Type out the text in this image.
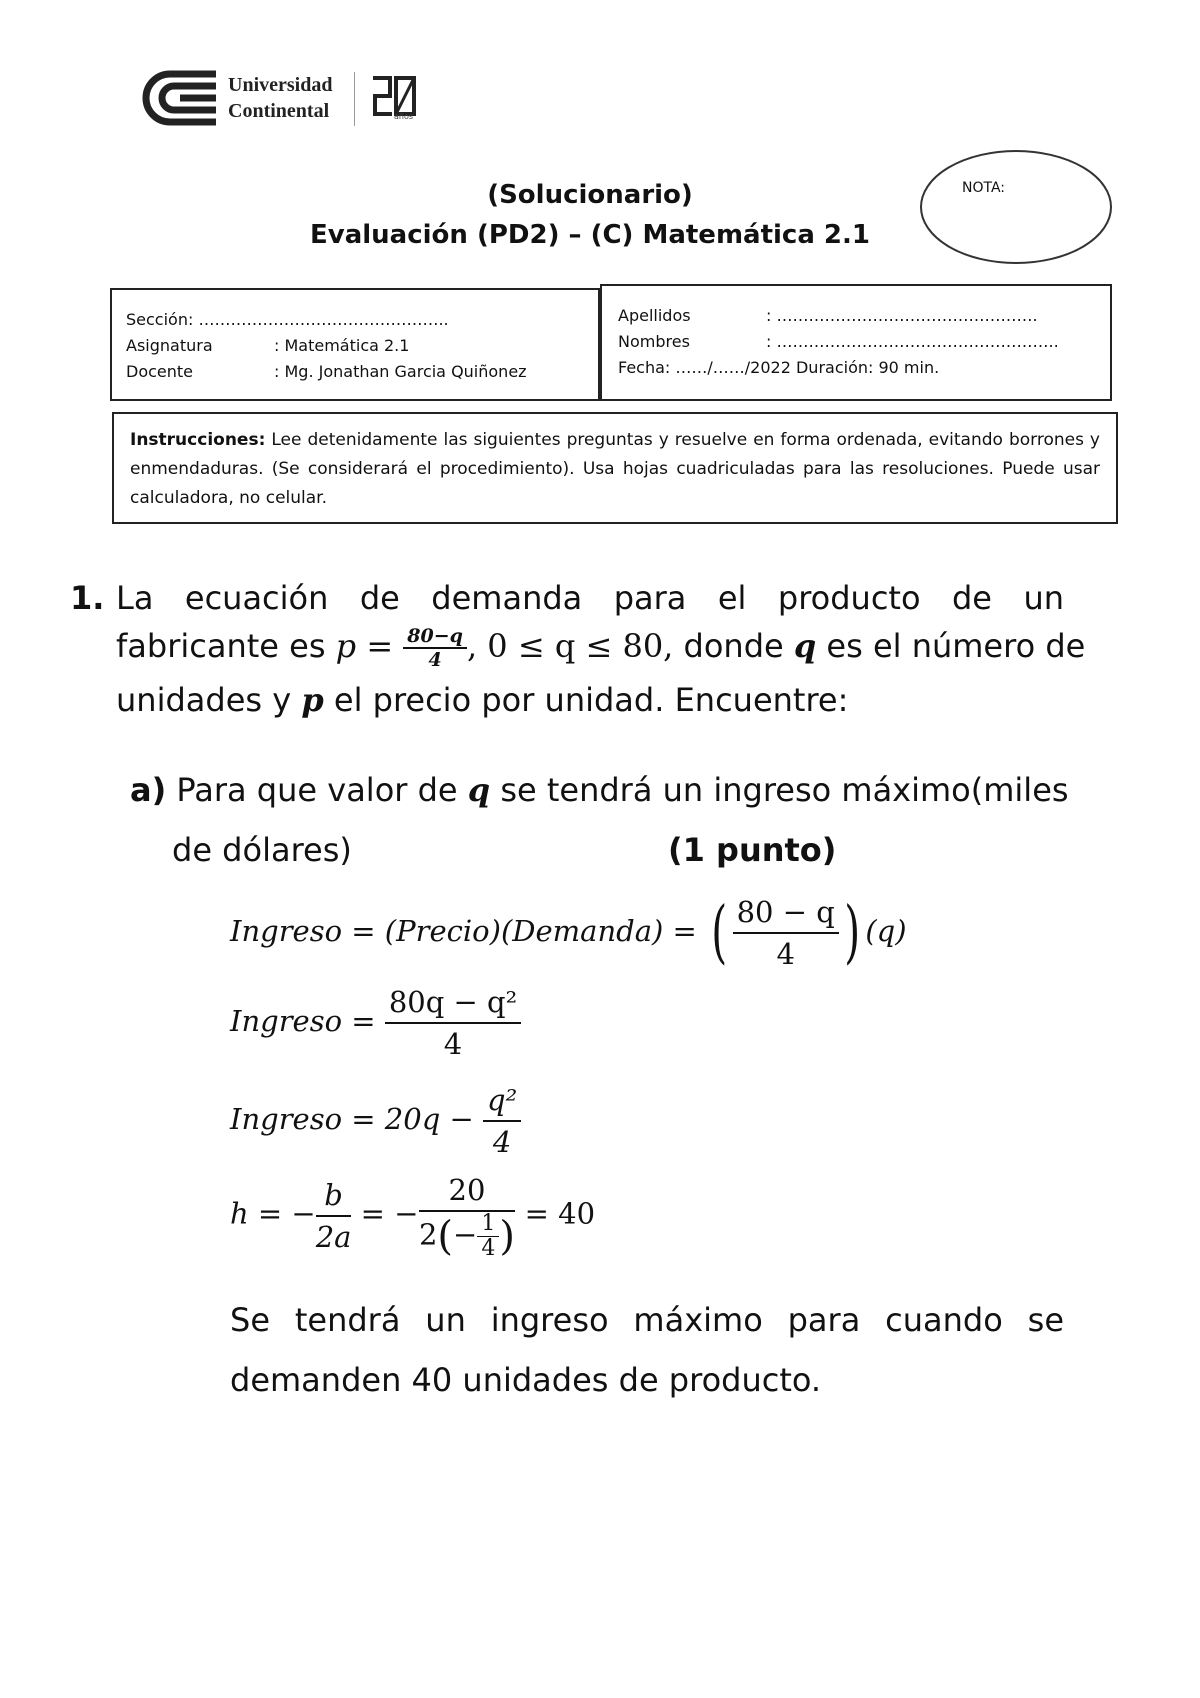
Universidad
Continental	años
(Solucionario)
Evaluación (PD2) – (C) Matemática 2.1
NOTA:
Sección: ………………………………………..
Asignatura	: Matemática 2.1
Docente	: Mg. Jonathan Garcia Quiñonez
Apellidos	: ………………………………………….
Nombres	: ……………………………………………..
Fecha: ……/……/2022 Duración: 90 min.
Instrucciones: Lee detenidamente las siguientes preguntas y resuelve en forma ordenada, evitando borrones y enmendaduras. (Se considerará el procedimiento). Usa hojas cuadriculadas para las resoluciones. Puede usar calculadora, no celular.
1. La ecuación de demanda para el producto de un
fabricante es $p = \frac{80-q}{4}$ , 0 ≤ q ≤ 80, donde q es el número de
unidades y p el precio por unidad. Encuentre:
a) Para que valor de q se tendrá un ingreso máximo(miles
de dólares)	(1 punto)
Ingreso = (Precio)(Demanda) = ( $\frac{80 - q}{4}$ ) (q)
Ingreso = $\frac{\text{80q − q²}}{4}$
Ingreso = $20q - \frac{\text{q²}}{4}$
h = − $\frac{b}{2a}$ = − $\frac{20}{2(- \frac{1}{4} )} = 40$
Se tendrá un ingreso máximo para cuando se
demanden 40 unidades de producto.
